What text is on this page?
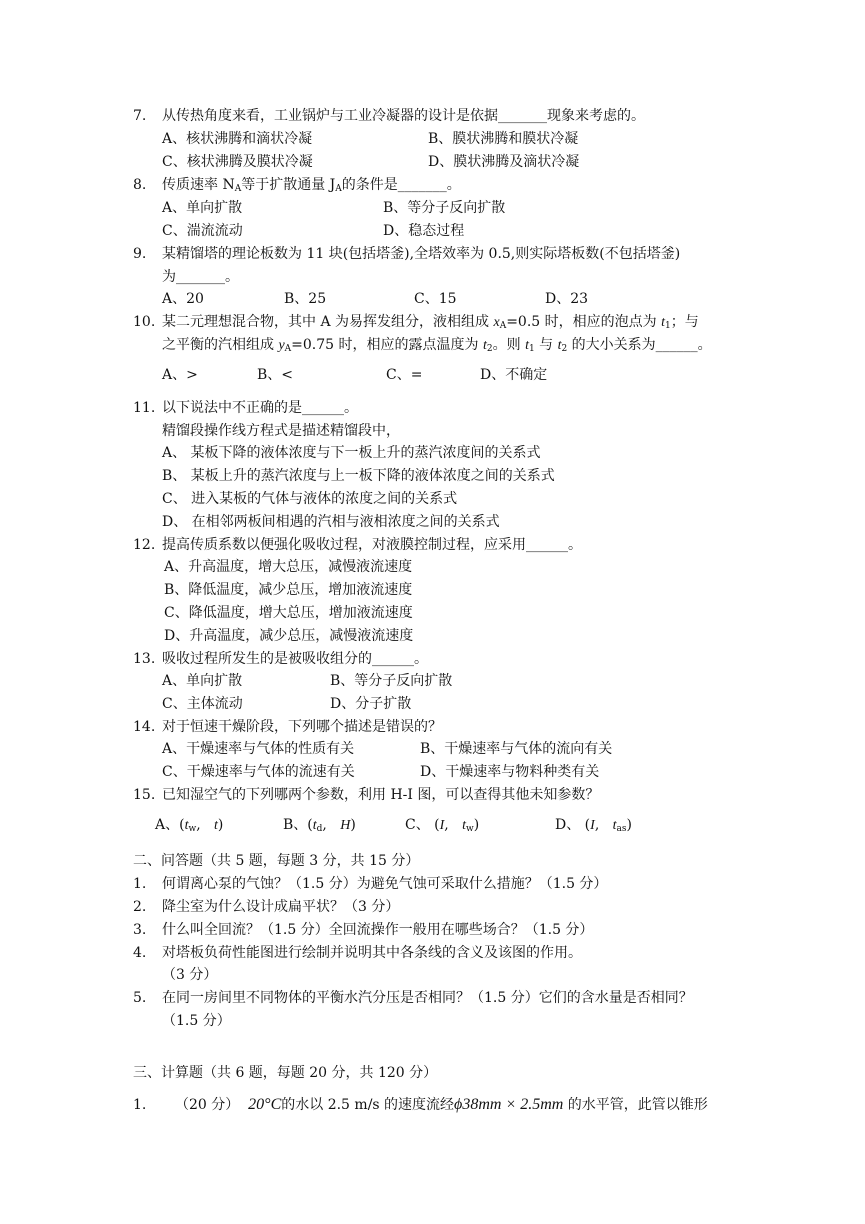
7. 从传热角度来看，工业锅炉与工业冷凝器的设计是依据_______现象来考虑的。
A、核状沸腾和滴状冷凝	B、膜状沸腾和膜状冷凝
C、核状沸腾及膜状冷凝	D、膜状沸腾及滴状冷凝
8. 传质速率 $N_A$等于扩散通量 $J_A$的条件是_______。
A、单向扩散	B、等分子反向扩散
C、湍流流动	D、稳态过程
9. 某精馏塔的理论板数为 11 块(包括塔釜),全塔效率为 0.5,则实际塔板数(不包括塔釜)
为_______。
A、20	B、25	C、15	D、23
10. 某二元理想混合物，其中 A 为易挥发组分，液相组成 $x_A=0.5$ 时，相应的泡点为 $t_1$；与
之平衡的汽相组成 $y_A=0.75$ 时，相应的露点温度为 $t_2$。则 $t_1$ 与 $t_2$ 的大小关系为______。
A、>	B、<	C、=	D、不确定
11. 以下说法中不正确的是______。
精馏段操作线方程式是描述精馏段中，
A、 某板下降的液体浓度与下一板上升的蒸汽浓度间的关系式
B、 某板上升的蒸汽浓度与上一板下降的液体浓度之间的关系式
C、 进入某板的气体与液体的浓度之间的关系式
D、 在相邻两板间相遇的汽相与液相浓度之间的关系式
12. 提高传质系数以便强化吸收过程，对液膜控制过程，应采用______。
A、升高温度，增大总压，减慢液流速度
B、降低温度，减少总压，增加液流速度
C、降低温度，增大总压，增加液流速度
D、升高温度，减少总压，减慢液流速度
13. 吸收过程所发生的是被吸收组分的______。
A、单向扩散	B、等分子反向扩散
C、主体流动	D、分子扩散
14. 对于恒速干燥阶段，下列哪个描述是错误的？
A、干燥速率与气体的性质有关	B、干燥速率与气体的流向有关
C、干燥速率与气体的流速有关	D、干燥速率与物料种类有关
15. 已知湿空气的下列哪两个参数，利用 H-I 图，可以查得其他未知参数？
A、($t_w$, t)	B、($t_d$, H)	C、 (I, $t_w$)	D、 (I, $t_{as}$)
二、问答题（共 5 题，每题 3 分，共 15 分）
1. 何谓离心泵的气蚀？（1.5 分）为避免气蚀可采取什么措施？（1.5 分）
2. 降尘室为什么设计成扁平状？（3 分）
3. 什么叫全回流？（1.5 分）全回流操作一般用在哪些场合？（1.5 分）
4. 对塔板负荷性能图进行绘制并说明其中各条线的含义及该图的作用。
（3 分）
5. 在同一房间里不同物体的平衡水汽分压是否相同？（1.5 分）它们的含水量是否相同？
（1.5 分）
三、计算题（共 6 题，每题 20 分，共 120 分）
1. （20 分） 20°C的水以 2.5 m/s 的速度流经ϕ38mm × 2.5mm 的水平管，此管以锥形
